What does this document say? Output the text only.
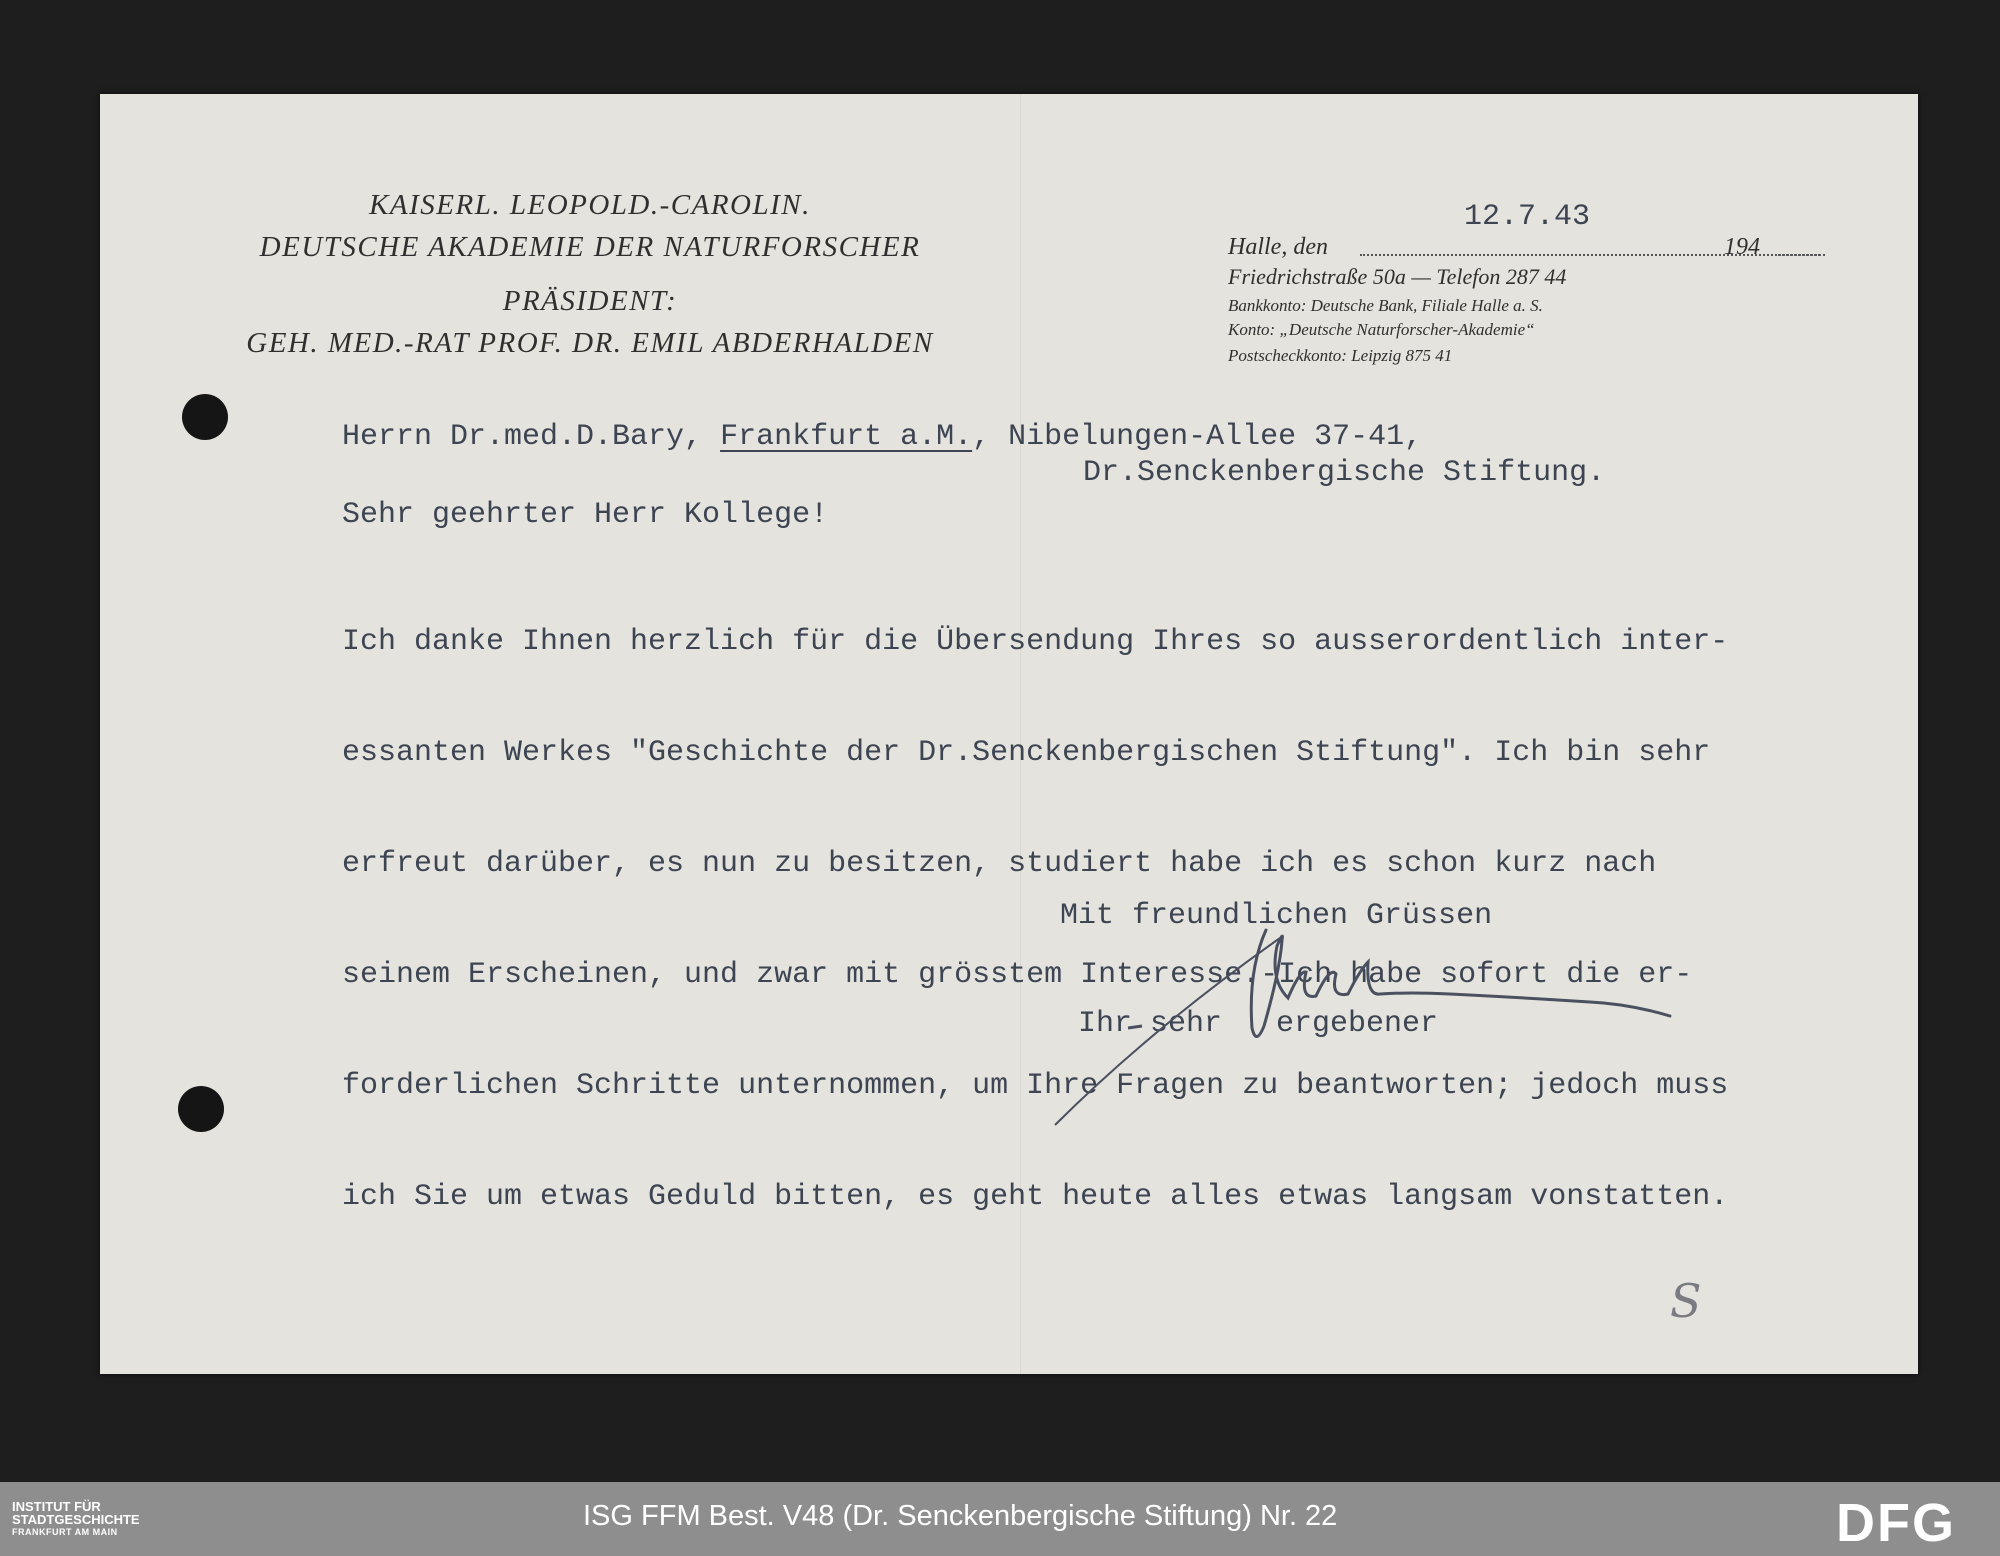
KAISERL. LEOPOLD.-CAROLIN.
DEUTSCHE AKADEMIE DER NATURFORSCHER
PRÄSIDENT:
GEH. MED.-RAT PROF. DR. EMIL ABDERHALDEN
12.7.43
Halle, den	194
Friedrichstraße 50a — Telefon 287 44
Bankkonto: Deutsche Bank, Filiale Halle a. S.
Konto: „Deutsche Naturforscher-Akademie“
Postscheckkonto: Leipzig 875 41
Herrn Dr.med.D.Bary, Frankfurt a.M., Nibelungen-Allee 37-41,
Dr.Senckenbergische Stiftung.
Sehr geehrter Herr Kollege!

Ich danke Ihnen herzlich für die Übersendung Ihres so ausserordentlich inter-

essanten Werkes "Geschichte der Dr.Senckenbergischen Stiftung". Ich bin sehr

erfreut darüber, es nun zu besitzen, studiert habe ich es schon kurz nach

seinem Erscheinen, und zwar mit grösstem Interesse.-Ich habe sofort die er-

forderlichen Schritte unternommen, um Ihre Fragen zu beantworten; jedoch muss

ich Sie um etwas Geduld bitten, es geht heute alles etwas langsam vonstatten.

Mit freundlichen Grüssen

Ihr sehr   ergebener

S
INSTITUT FÜR
STADTGESCHICHTE
FRANKFURT AM MAIN	ISG FFM Best. V48 (Dr. Senckenbergische Stiftung) Nr. 22	DFG
